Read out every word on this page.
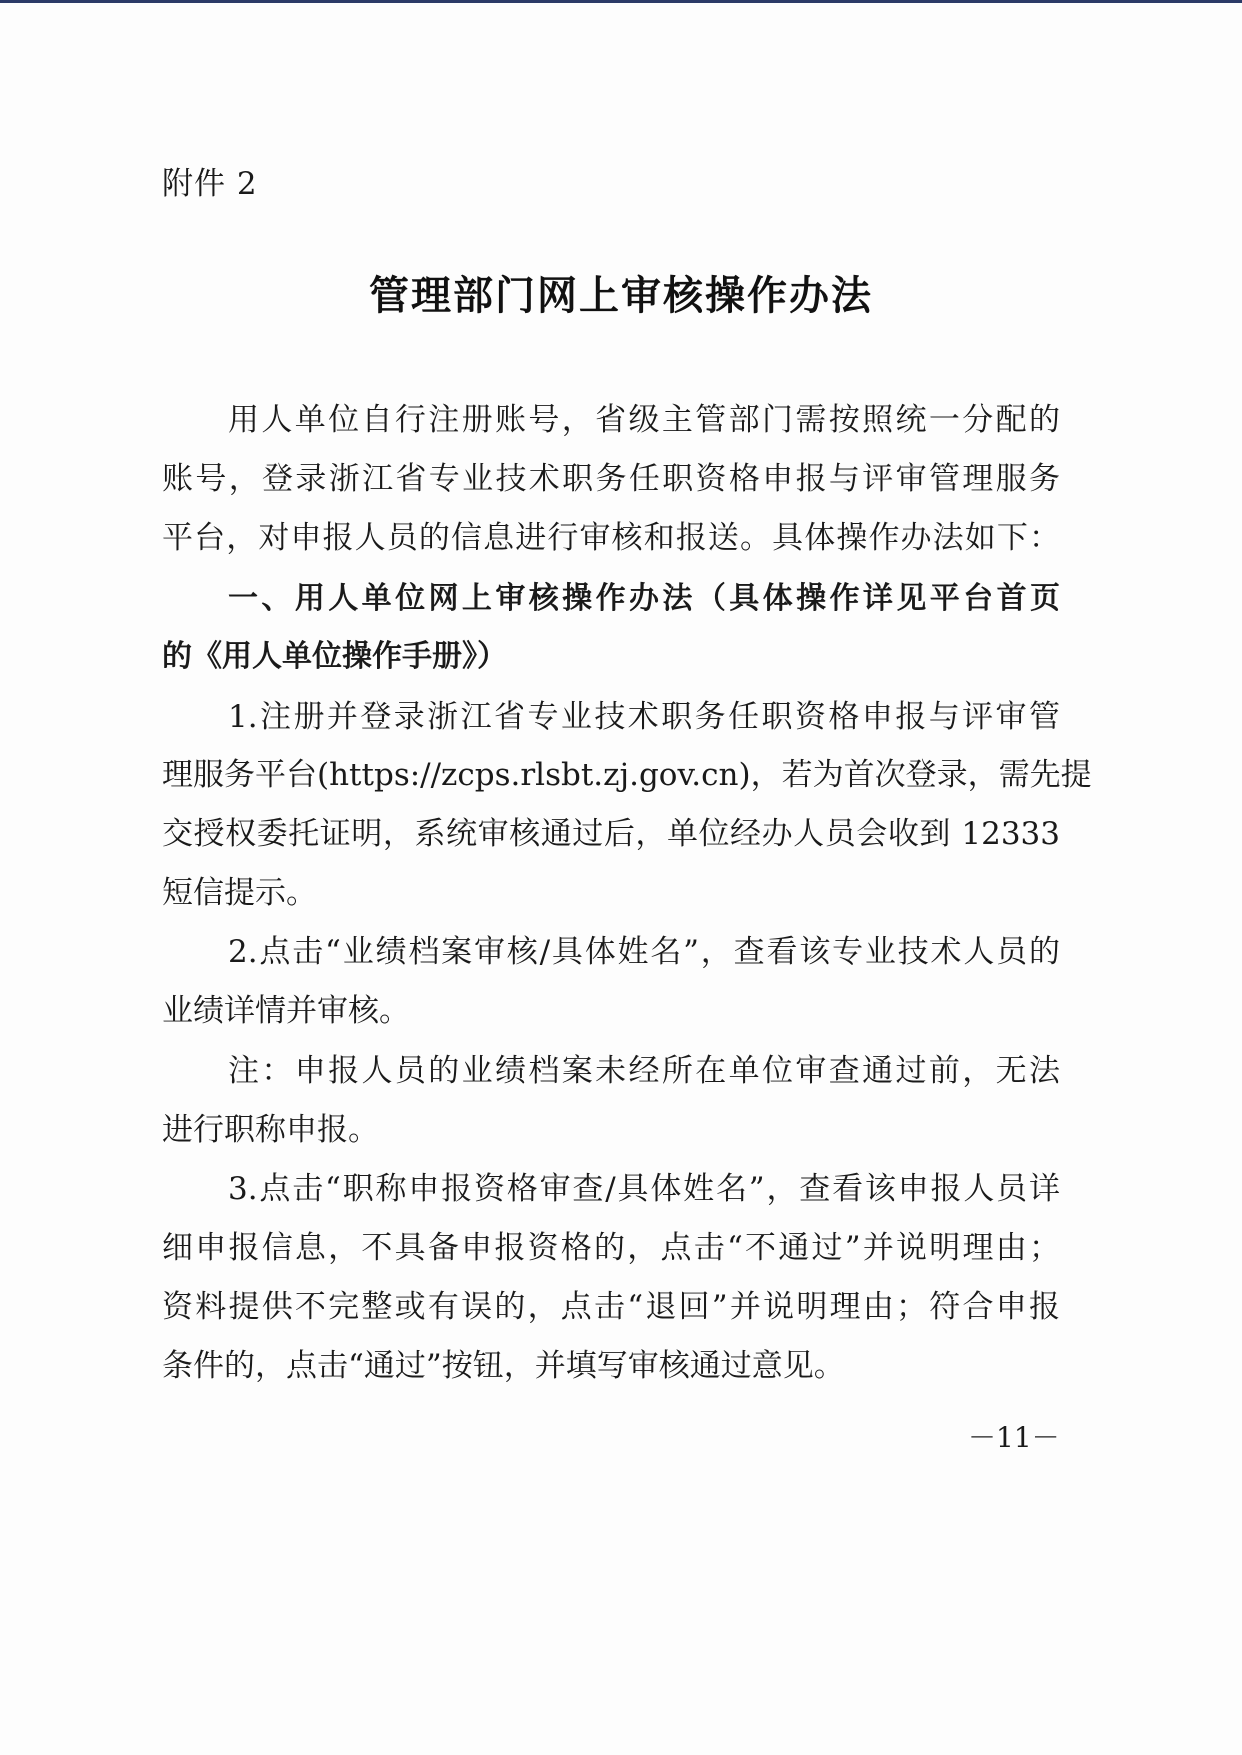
附件 2
管理部门网上审核操作办法
用人单位自行注册账号，省级主管部门需按照统一分配的
账号，登录浙江省专业技术职务任职资格申报与评审管理服务
平台，对申报人员的信息进行审核和报送。具体操作办法如下：
一、用人单位网上审核操作办法（具体操作详见平台首页
的《用人单位操作手册》）
1.注册并登录浙江省专业技术职务任职资格申报与评审管
理服务平台(https://zcps.rlsbt.zj.gov.cn)，若为首次登录，需先提
交授权委托证明，系统审核通过后，单位经办人员会收到 12333
短信提示。
2.点击“业绩档案审核/具体姓名”，查看该专业技术人员的
业绩详情并审核。
注：申报人员的业绩档案未经所在单位审查通过前，无法
进行职称申报。
3.点击“职称申报资格审查/具体姓名”，查看该申报人员详
细申报信息，不具备申报资格的，点击“不通过”并说明理由；
资料提供不完整或有误的，点击“退回”并说明理由；符合申报
条件的，点击“通过”按钮，并填写审核通过意见。
－11－
